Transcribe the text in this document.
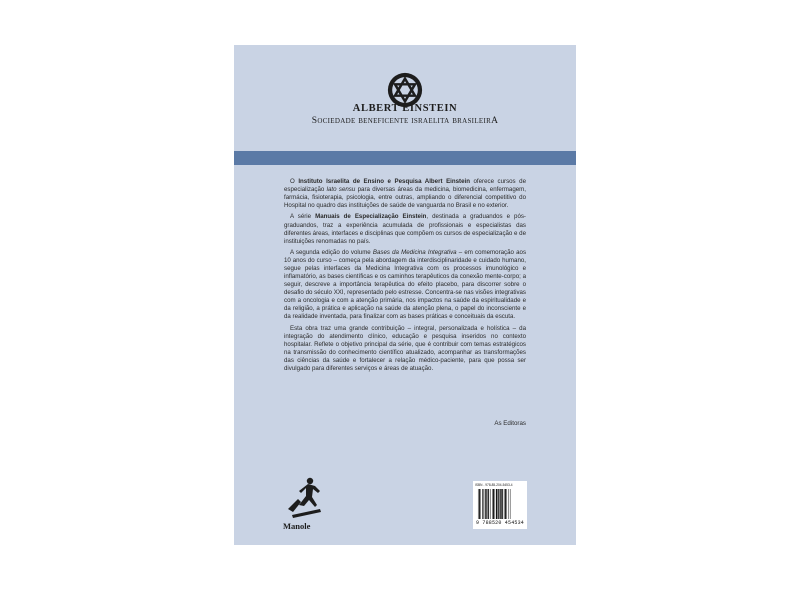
ALBERT EINSTEIN
Sociedade beneficente israelita brasileirA

O Instituto Israelita de Ensino e Pesquisa Albert Einstein oferece cursos de especialização lato sensu para diversas áreas da medicina, biomedicina, enfermagem, farmácia, fisioterapia, psicologia, entre outras, ampliando o diferencial competitivo do Hospital no quadro das instituições de saúde de vanguarda no Brasil e no exterior.

A série Manuais de Especialização Einstein, destinada a graduandos e pós-graduandos, traz a experiência acumulada de profissionais e especialistas das diferentes áreas, interfaces e disciplinas que compõem os cursos de especialização e de instituições renomadas no país.

A segunda edição do volume Bases da Medicina Integrativa – em comemoração aos 10 anos do curso – começa pela abordagem da interdisciplinaridade e cuidado humano, segue pelas interfaces da Medicina Integrativa com os processos imunológico e inflamatório, as bases científicas e os caminhos terapêuticos da conexão mente-corpo; a seguir, descreve a importância terapêutica do efeito placebo, para discorrer sobre o desafio do século XXI, representado pelo estresse. Concentra-se nas visões integrativas com a oncologia e com a atenção primária, nos impactos na saúde da espiritualidade e da religião, a prática e aplicação na saúde da atenção plena, o papel do inconsciente e da realidade inventada, para finalizar com as bases práticas e conceituais da escuta.

Esta obra traz uma grande contribuição – integral, personalizada e holística – da integração do atendimento clínico, educação e pesquisa inseridos no contexto hospitalar. Reflete o objetivo principal da série, que é contribuir com temas estratégicos na transmissão do conhecimento científico atualizado, acompanhar as transformações das ciências da saúde e fortalecer a relação médico-paciente, para que possa ser divulgado para diferentes serviços e áreas de atuação.

As Editoras
Manole
ISBN - 978-85-204-5453-4
9 788520 454534
